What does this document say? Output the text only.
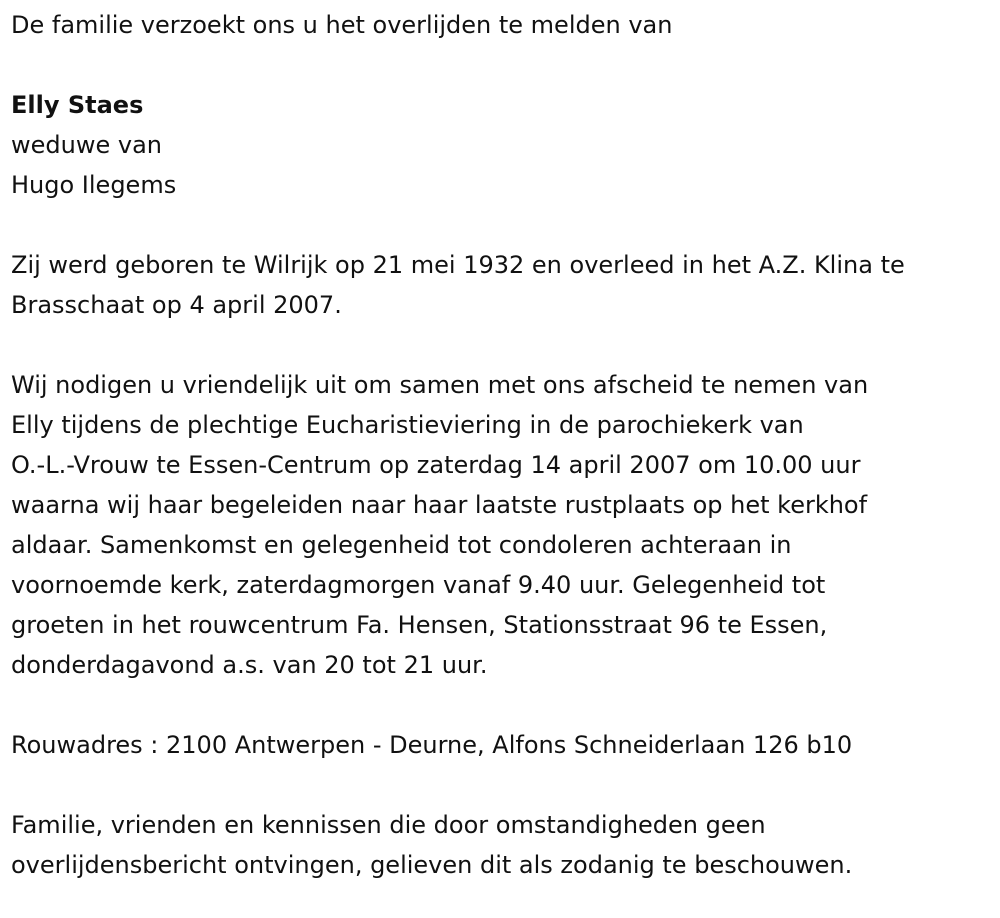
De familie verzoekt ons u het overlijden te melden van

Elly Staes

weduwe van

Hugo Ilegems

Zij werd geboren te Wilrijk op 21 mei 1932 en overleed in het A.Z. Klina te

Brasschaat op 4 april 2007.

Wij nodigen u vriendelijk uit om samen met ons afscheid te nemen van

Elly tijdens de plechtige Eucharistieviering in de parochiekerk van

O.-L.-Vrouw te Essen-Centrum op zaterdag 14 april 2007 om 10.00 uur

waarna wij haar begeleiden naar haar laatste rustplaats op het kerkhof

aldaar. Samenkomst en gelegenheid tot condoleren achteraan in

voornoemde kerk, zaterdagmorgen vanaf 9.40 uur. Gelegenheid tot

groeten in het rouwcentrum Fa. Hensen, Stationsstraat 96 te Essen,

donderdagavond a.s. van 20 tot 21 uur.

Rouwadres : 2100 Antwerpen - Deurne, Alfons Schneiderlaan 126 b10

Familie, vrienden en kennissen die door omstandigheden geen

overlijdensbericht ontvingen, gelieven dit als zodanig te beschouwen.
